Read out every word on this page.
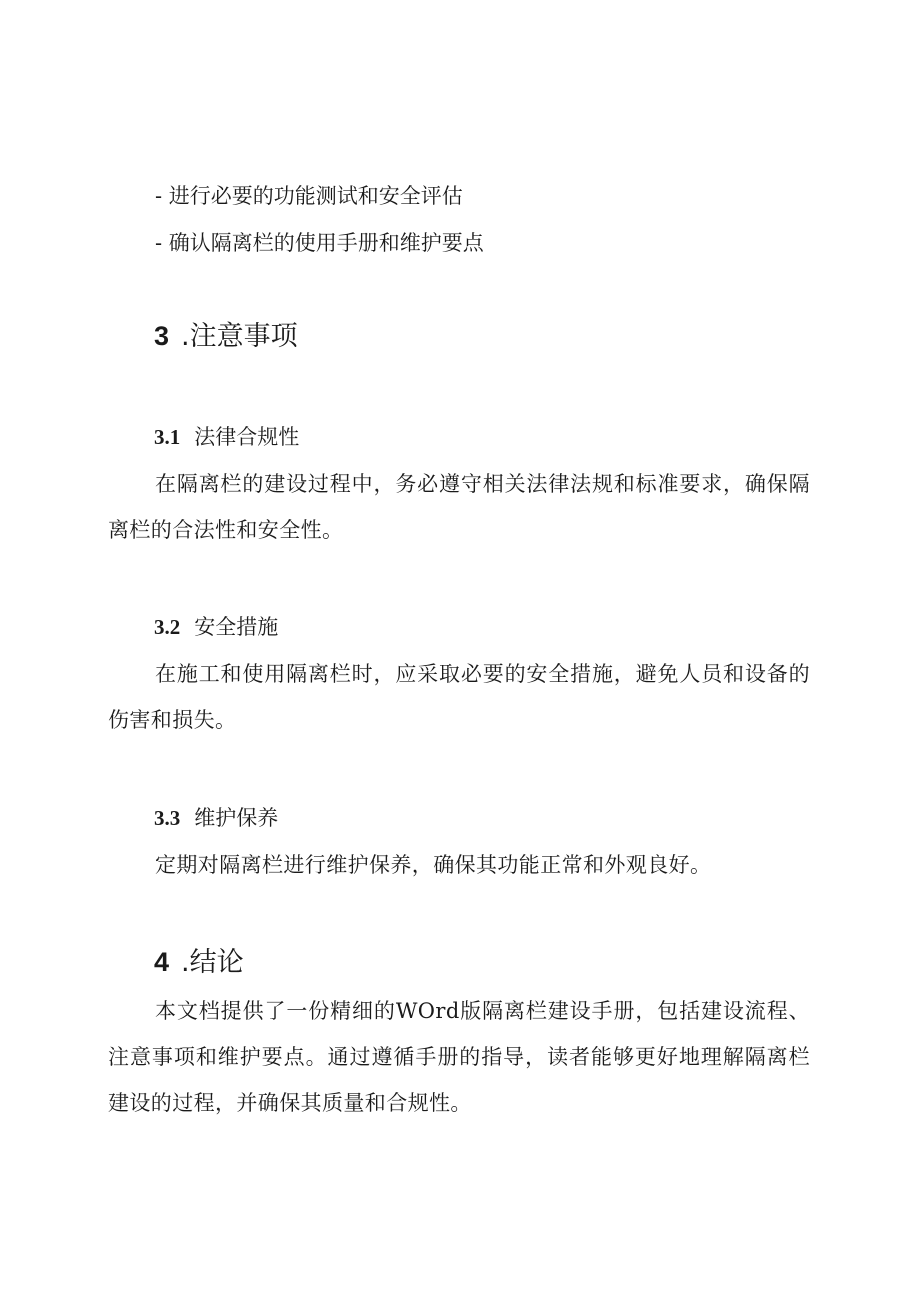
- 进行必要的功能测试和安全评估
- 确认隔离栏的使用手册和维护要点
3 .注意事项
3.1 法律合规性
在隔离栏的建设过程中，务必遵守相关法律法规和标准要求，确保隔离栏的合法性和安全性。
3.2 安全措施
在施工和使用隔离栏时，应采取必要的安全措施，避免人员和设备的伤害和损失。
3.3 维护保养
定期对隔离栏进行维护保养，确保其功能正常和外观良好。
4 .结论
本文档提供了一份精细的WOrd版隔离栏建设手册，包括建设流程、注意事项和维护要点。通过遵循手册的指导，读者能够更好地理解隔离栏建设的过程，并确保其质量和合规性。
